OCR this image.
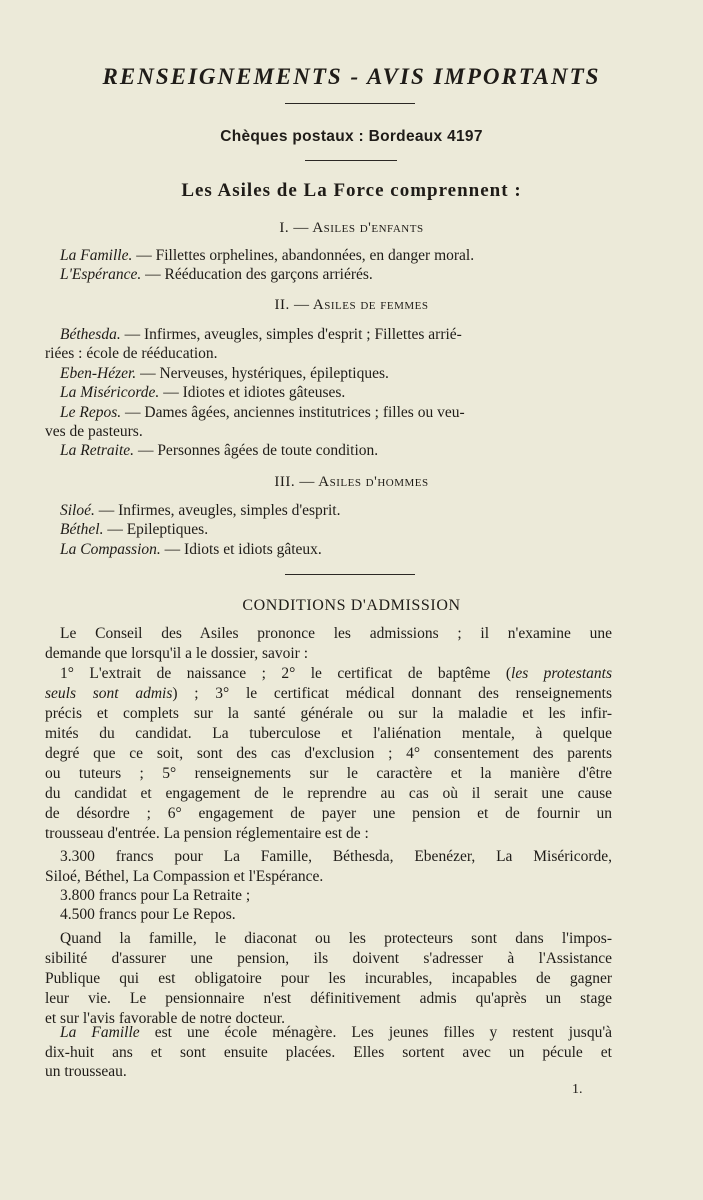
RENSEIGNEMENTS - AVIS IMPORTANTS
Chèques postaux : Bordeaux 4197
Les Asiles de La Force comprennent :
I. — Asiles d'enfants
La Famille. — Fillettes orphelines, abandonnées, en danger moral.
L'Espérance. — Rééducation des garçons arriérés.
II. — Asiles de femmes
Béthesda. — Infirmes, aveugles, simples d'esprit ; Fillettes arrié-
riées : école de rééducation.
Eben-Hézer. — Nerveuses, hystériques, épileptiques.
La Miséricorde. — Idiotes et idiotes gâteuses.
Le Repos. — Dames âgées, anciennes institutrices ; filles ou veu-
ves de pasteurs.
La Retraite. — Personnes âgées de toute condition.
III. — Asiles d'hommes
Siloé. — Infirmes, aveugles, simples d'esprit.
Béthel. — Epileptiques.
La Compassion. — Idiots et idiots gâteux.
CONDITIONS D'ADMISSION
Le Conseil des Asiles prononce les admissions ; il n'examine une
demande que lorsqu'il a le dossier, savoir :
1° L'extrait de naissance ; 2° le certificat de baptême (les protestants
seuls sont admis) ; 3° le certificat médical donnant des renseignements
précis et complets sur la santé générale ou sur la maladie et les infir-
mités du candidat. La tuberculose et l'aliénation mentale, à quelque
degré que ce soit, sont des cas d'exclusion ; 4° consentement des parents
ou tuteurs ; 5° renseignements sur le caractère et la manière d'être
du candidat et engagement de le reprendre au cas où il serait une cause
de désordre ; 6° engagement de payer une pension et de fournir un
trousseau d'entrée. La pension réglementaire est de :
3.300 francs pour La Famille, Béthesda, Ebenézer, La Miséricorde,
Siloé, Béthel, La Compassion et l'Espérance.
3.800 francs pour La Retraite ;
4.500 francs pour Le Repos.
Quand la famille, le diaconat ou les protecteurs sont dans l'impos-
sibilité d'assurer une pension, ils doivent s'adresser à l'Assistance
Publique qui est obligatoire pour les incurables, incapables de gagner
leur vie. Le pensionnaire n'est définitivement admis qu'après un stage
et sur l'avis favorable de notre docteur.
La Famille est une école ménagère. Les jeunes filles y restent jusqu'à
dix-huit ans et sont ensuite placées. Elles sortent avec un pécule et
un trousseau.
1.
